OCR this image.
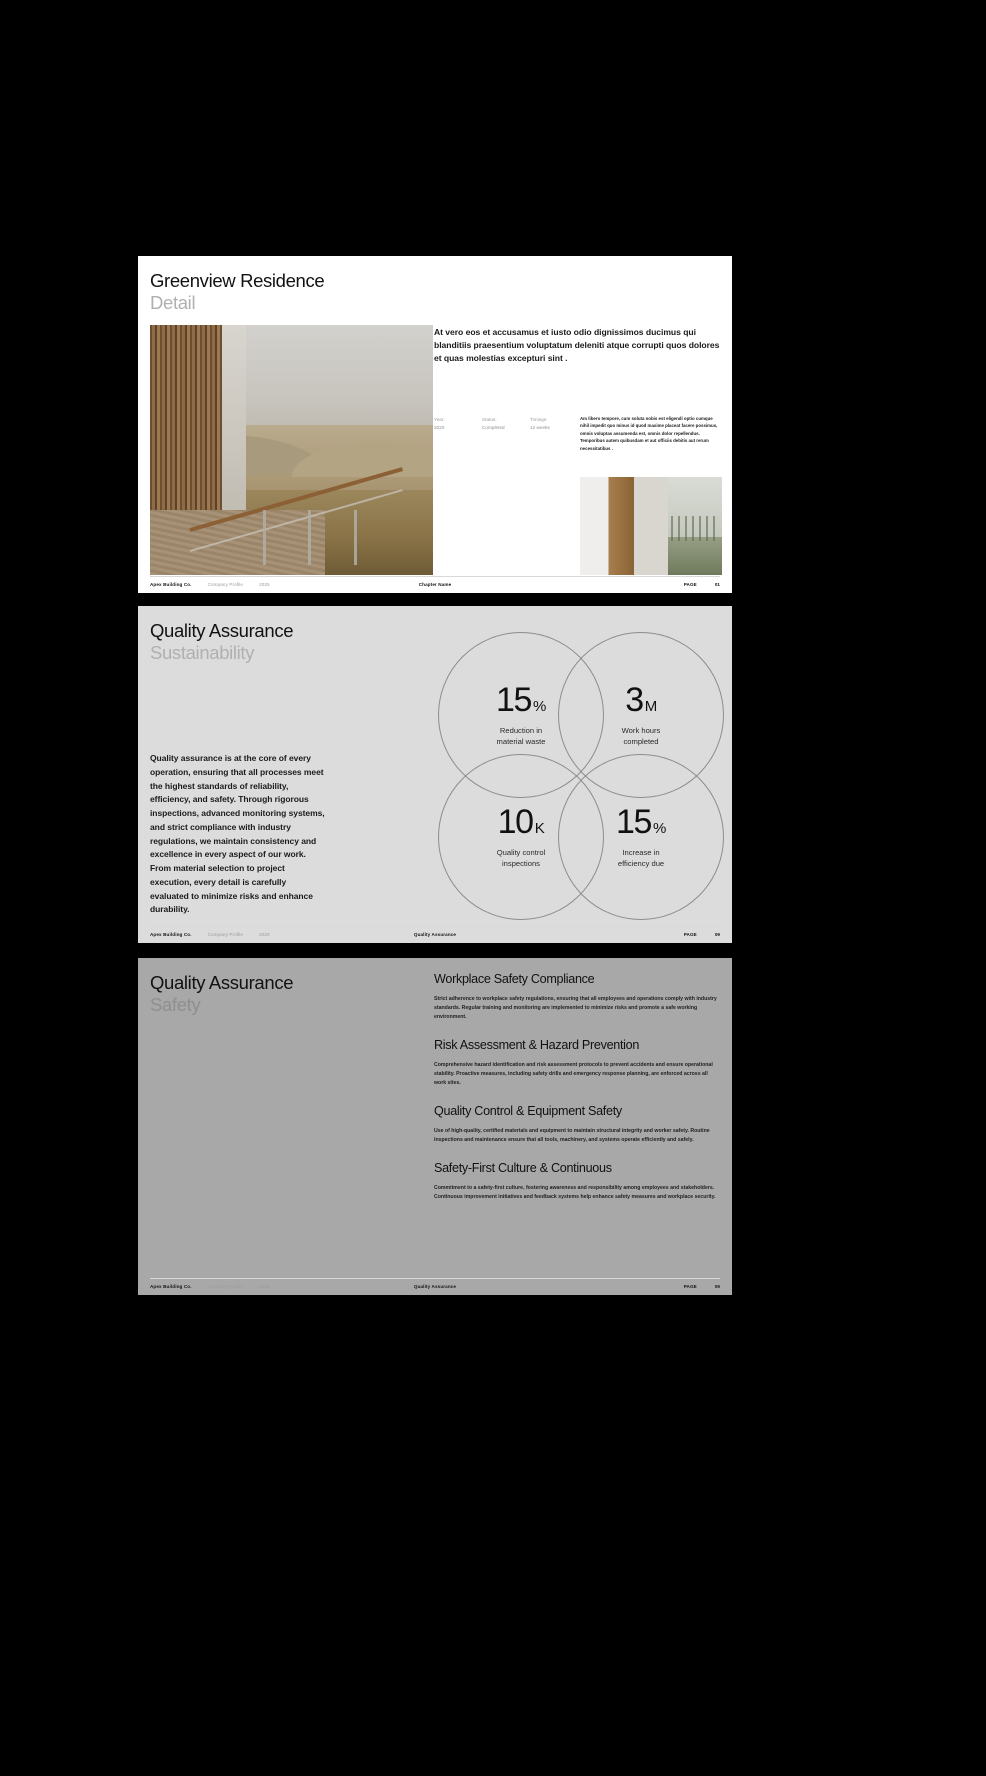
Greenview Residence
Detail

At vero eos et accusamus et iusto odio dignissimos ducimus qui blanditiis praesentium voluptatum deleniti atque corrupti quos dolores et quas molestias excepturi sint .

Year:
2020
Status:
Completed
Timings:
12 weeks

Am libero tempore, cum soluta nobis est eligendi optio cumque nihil impedit quo minus id quod maxime placeat facere possimus, omnis voluptas assumenda est, omnis dolor repellendus. Temporibus autem quibusdam et aut officiis debitis aut rerum necessitatibus .

Apex Building Co.	Company Profile	2025	Chapter Name	PAGE	01
Quality Assurance
Sustainability

Quality assurance is at the core of every operation, ensuring that all processes meet the highest standards of reliability, efficiency, and safety. Through rigorous inspections, advanced monitoring systems, and strict compliance with industry regulations, we maintain consistency and excellence in every aspect of our work. From material selection to project execution, every detail is carefully evaluated to minimize risks and enhance durability.

15 %
Reduction in
material waste
3 M
Work hours
completed
10 K
Quality control
inspections
15 %
Increase in
efficiency due
Apex Building Co.	Company Profile	2025	Quality Assurance	PAGE	09
Quality Assurance
Safety
Workplace Safety Compliance

Strict adherence to workplace safety regulations, ensuring that all employees and operations comply with industry standards. Regular training and monitoring are implemented to minimize risks and promote a safe working environment.

Risk Assessment & Hazard Prevention

Comprehensive hazard identification and risk assessment protocols to prevent accidents and ensure operational stability. Proactive measures, including safety drills and emergency response planning, are enforced across all work sites.

Quality Control & Equipment Safety

Use of high-quality, certified materials and equipment to maintain structural integrity and worker safety. Routine inspections and maintenance ensure that all tools, machinery, and systems operate efficiently and safely.

Safety-First Culture & Continuous

Commitment to a safety-first culture, fostering awareness and responsibility among employees and stakeholders. Continuous improvement initiatives and feedback systems help enhance safety measures and workplace security.

Apex Building Co.	Company Profile	2025	Quality Assurance	PAGE	09
